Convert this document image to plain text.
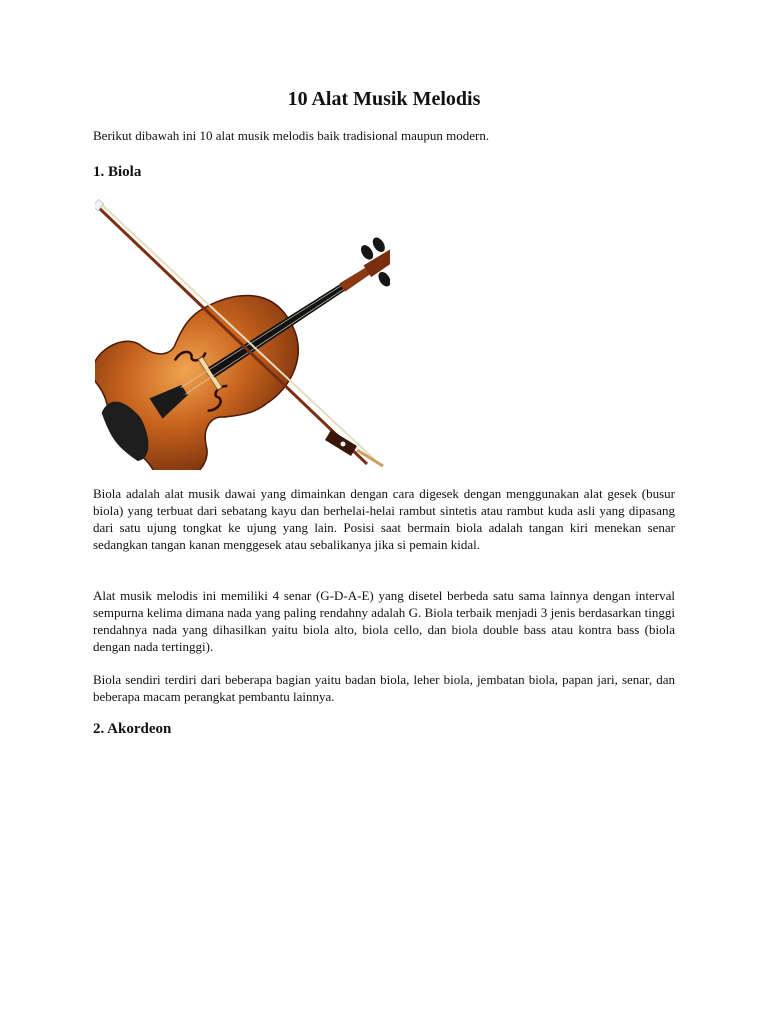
10 Alat Musik Melodis

Berikut dibawah ini 10 alat musik melodis baik tradisional maupun modern.

1. Biola

Biola adalah alat musik dawai yang dimainkan dengan cara digesek dengan menggunakan alat gesek (busur biola) yang terbuat dari sebatang kayu dan berhelai-helai rambut sintetis atau rambut kuda asli yang dipasang dari satu ujung tongkat ke ujung yang lain. Posisi saat bermain biola adalah tangan kiri menekan senar sedangkan tangan kanan menggesek atau sebalikanya jika si pemain kidal.

Alat musik melodis ini memiliki 4 senar (G-D-A-E) yang disetel berbeda satu sama lainnya dengan interval sempurna kelima dimana nada yang paling rendahny adalah G. Biola terbaik menjadi 3 jenis berdasarkan tinggi rendahnya nada yang dihasilkan yaitu biola alto, biola cello, dan biola double bass atau kontra bass (biola dengan nada tertinggi).

Biola sendiri terdiri dari beberapa bagian yaitu badan biola, leher biola, jembatan biola, papan jari, senar, dan beberapa macam perangkat pembantu lainnya.

2. Akordeon
